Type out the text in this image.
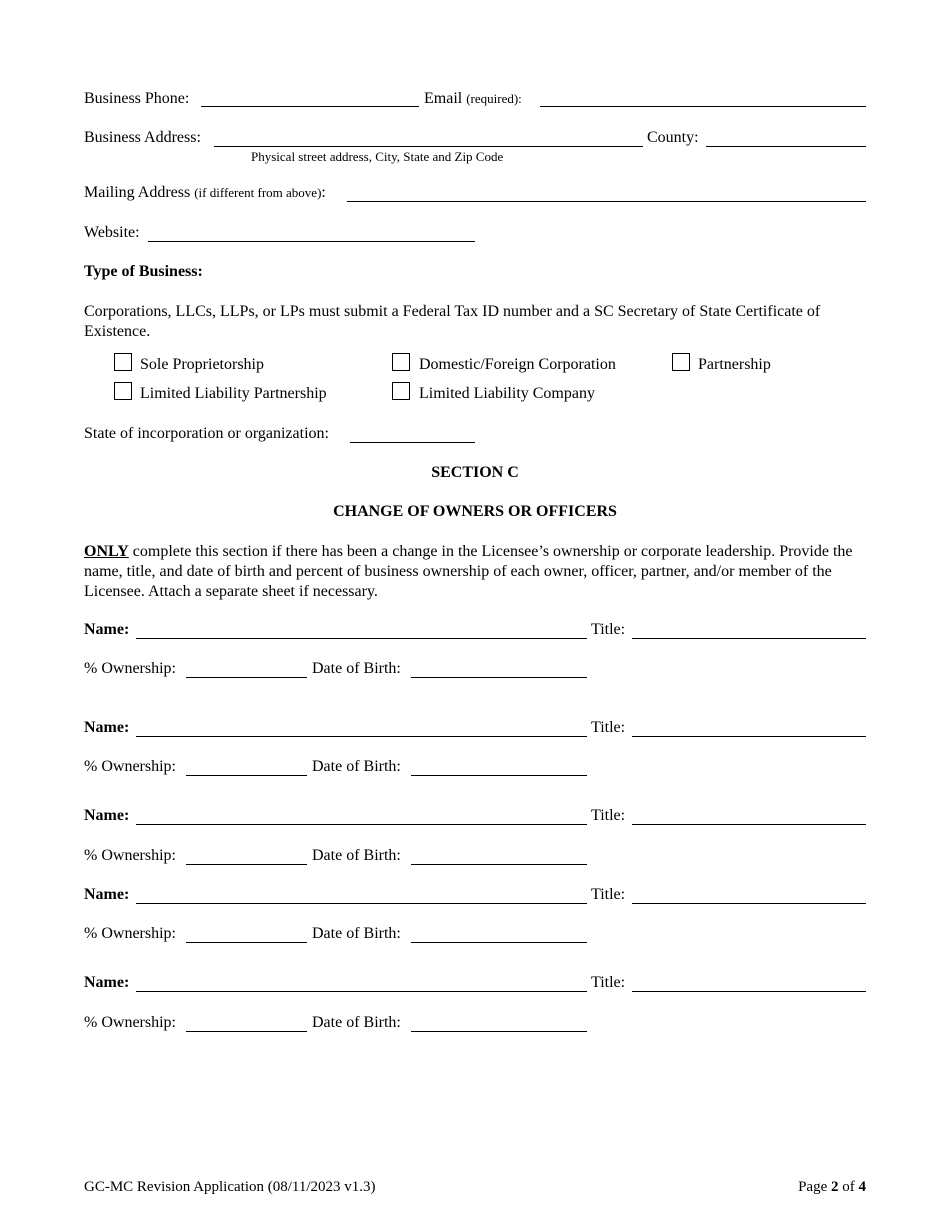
Business Phone:	Email (required):
Business Address:
Physical street address, City, State and Zip Code
County:
Mailing Address (if different from above):
Website:
Type of Business:
Corporations, LLCs, LLPs, or LPs must submit a Federal Tax ID number and a SC Secretary of State Certificate of Existence.
Sole Proprietorship	Domestic/Foreign Corporation	Partnership
Limited Liability Partnership	Limited Liability Company
State of incorporation or organization:
SECTION C
CHANGE OF OWNERS OR OFFICERS
ONLY complete this section if there has been a change in the Licensee’s ownership or corporate leadership. Provide the name, title, and date of birth and percent of business ownership of each owner, officer, partner, and/or member of the Licensee. Attach a separate sheet if necessary.
Name:	Title:
% Ownership:	Date of Birth:
Name:	Title:
% Ownership:	Date of Birth:
Name:	Title:
% Ownership:	Date of Birth:
Name:	Title:
% Ownership:	Date of Birth:
Name:	Title:
% Ownership:	Date of Birth:
GC-MC Revision Application (08/11/2023 v1.3)	Page 2 of 4
